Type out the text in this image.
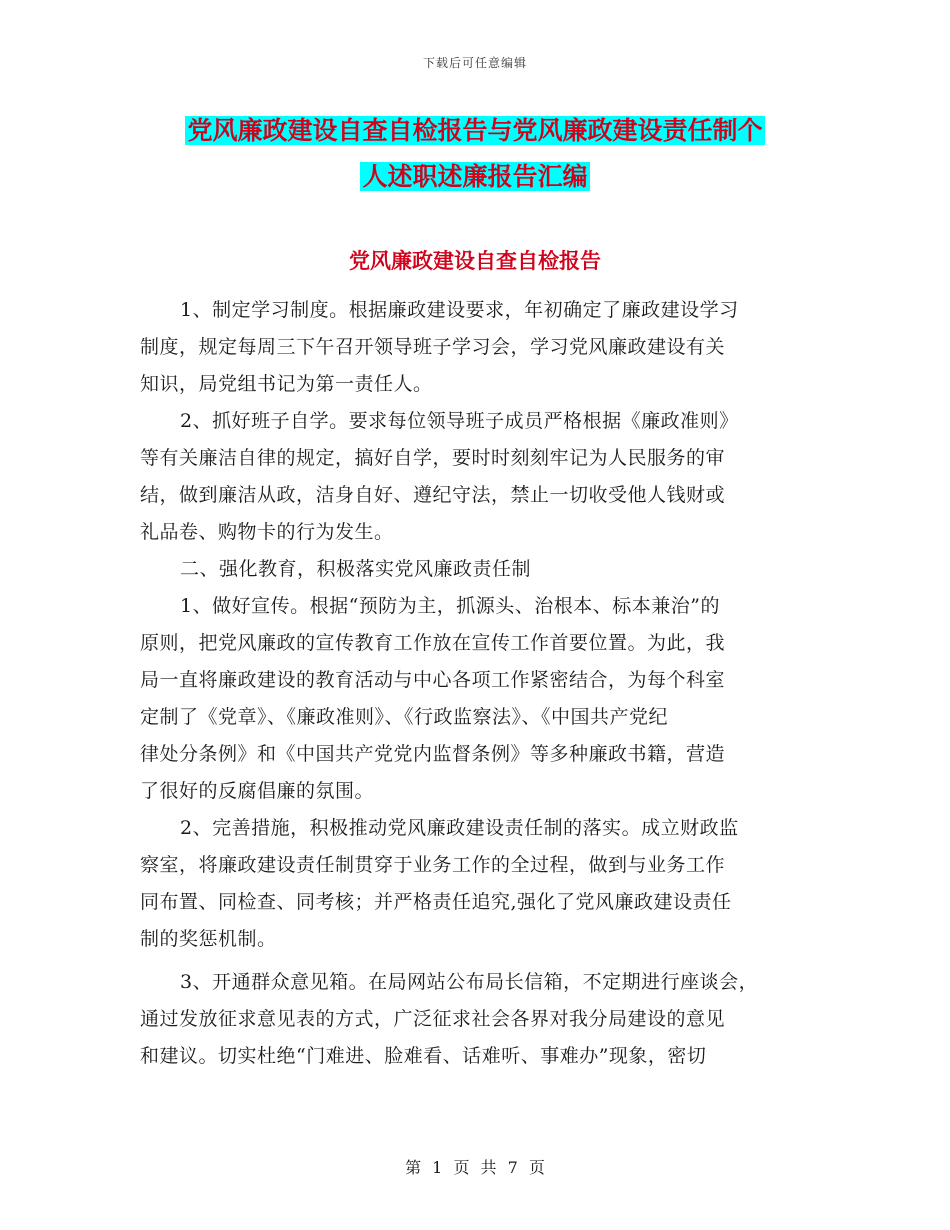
下载后可任意编辑
党风廉政建设自查自检报告与党风廉政建设责任制个
人述职述廉报告汇编
党风廉政建设自查自检报告
1、制定学习制度。根据廉政建设要求，年初确定了廉政建设学习
制度，规定每周三下午召开领导班子学习会，学习党风廉政建设有关
知识，局党组书记为第一责任人。
2、抓好班子自学。要求每位领导班子成员严格根据《廉政准则》
等有关廉洁自律的规定，搞好自学，要时时刻刻牢记为人民服务的审
结，做到廉洁从政，洁身自好、遵纪守法，禁止一切收受他人钱财或
礼品卷、购物卡的行为发生。
二、强化教育，积极落实党风廉政责任制
1、做好宣传。根据“预防为主，抓源头、治根本、标本兼治”的
原则，把党风廉政的宣传教育工作放在宣传工作首要位置。为此，我
局一直将廉政建设的教育活动与中心各项工作紧密结合，为每个科室
定制了《党章》、《廉政准则》、《行政监察法》、《中国共产党纪
律处分条例》和《中国共产党党内监督条例》等多种廉政书籍，营造
了很好的反腐倡廉的氛围。
2、完善措施，积极推动党风廉政建设责任制的落实。成立财政监
察室，将廉政建设责任制贯穿于业务工作的全过程，做到与业务工作
同布置、同检查、同考核；并严格责任追究,强化了党风廉政建设责任
制的奖惩机制。
3、开通群众意见箱。在局网站公布局长信箱，不定期进行座谈会，
通过发放征求意见表的方式，广泛征求社会各界对我分局建设的意见
和建议。切实杜绝“门难进、脸难看、话难听、事难办”现象，密切
第 1 页 共 7 页
